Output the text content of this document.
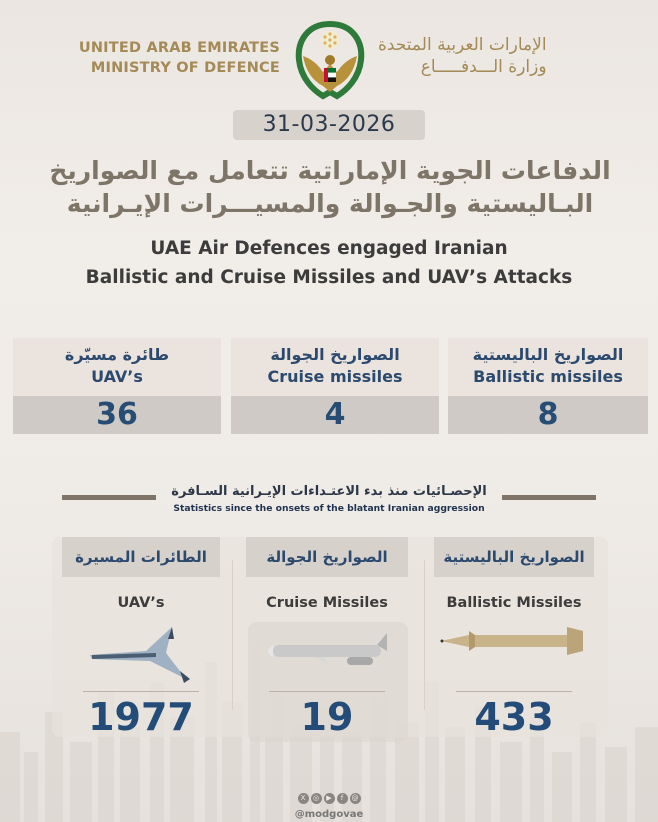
UNITED ARAB EMIRATES
MINISTRY OF DEFENCE
الإمارات العربية المتحدة
وزارة الـــدفـــــاع
31-03-2026
الدفاعات الجوية الإماراتية تتعامل مع الصواريخ
البـاليستية والجـوالة والمسيـــرات الإيـرانية
UAE Air Defences engaged Iranian
Ballistic and Cruise Missiles and UAV’s Attacks
طائرة مسيّرة
UAV’s
36
الصواريخ الجوالة
Cruise missiles
4
الصواريخ الباليستية
Ballistic missiles
8
الإحصـائيات منذ بدء الاعتـداءات الإيـرانية السـافرة
Statistics since the onsets of the blatant Iranian aggression
الطائرات المسيرة
UAV’s
1977
الصواريخ الجوالة
Cruise Missiles
19
الصواريخ الباليستية
Ballistic Missiles
433
X ◎ ▶ f @
@modgovae
